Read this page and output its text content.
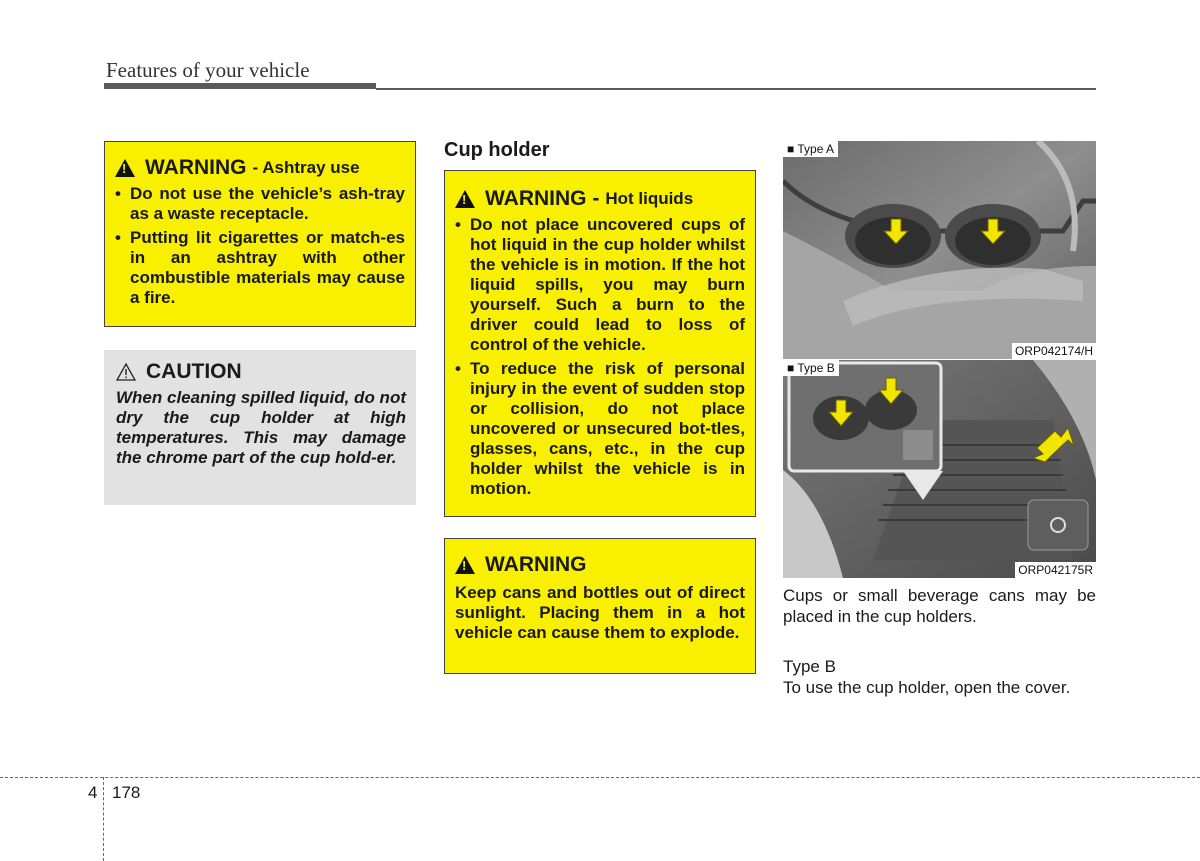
Features of your vehicle
!
WARNING - Ashtray use
• Do not use the vehicle’s ash-tray as a waste receptacle.
• Putting lit cigarettes or match-es in an ashtray with other combustible materials may cause a fire.
CAUTION

When cleaning spilled liquid, do not dry the cup holder at high temperatures. This may damage the chrome part of the cup hold-er.

Cup holder
!
WARNING - Hot liquids
• Do not place uncovered cups of hot liquid in the cup holder whilst the vehicle is in motion. If the hot liquid spills, you may burn yourself. Such a burn to the driver could lead to loss of control of the vehicle.
• To reduce the risk of personal injury in the event of sudden stop or collision, do not place uncovered or unsecured bot-tles, glasses, cans, etc., in the cup holder whilst the vehicle is in motion.
!
WARNING

Keep cans and bottles out of direct sunlight. Placing them in a hot vehicle can cause them to explode.

■ Type A
ORP042174/H
■ Type B
ORP042175R
Cups or small beverage cans may be placed in the cup holders.
Type B
To use the cup holder, open the cover.
4 178
